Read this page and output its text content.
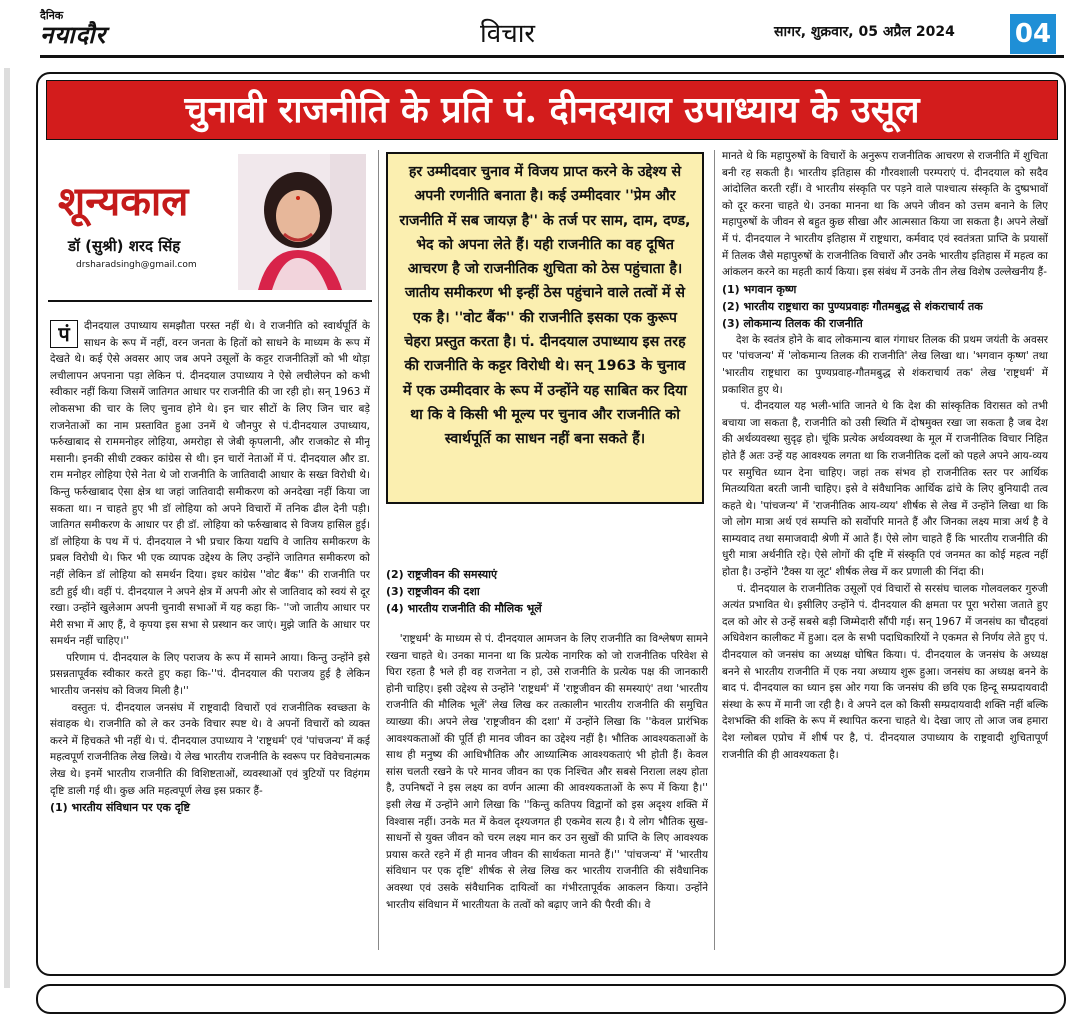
दैनिक
नयादौर	विचार	सागर, शुक्रवार, 05 अप्रैल 2024 04
चुनावी राजनीति के प्रति पं. दीनदयाल उपाध्याय के उसूल
शून्यकाल
डॉ (सुश्री) शरद सिंह
drsharadsingh@gmail.com

पं	दीनदयाल उपाध्याय समझौता परस्त नहीं थे। वे राजनीति को स्वार्थपूर्ति के साधन के रूप में नहीं, वरन जनता के हितों को साधने के माध्यम के रूप में देखते थे। कई ऐसे अवसर आए जब अपने उसूलों के कट्टर राजनीतिज्ञों को भी थोड़ा लचीलापन अपनाना पड़ा लेकिन पं. दीनदयाल उपाध्याय ने ऐसे लचीलेपन को कभी स्वीकार नहीं किया जिसमें जातिगत आधार पर राजनीति की जा रही हो। सन् 1963 में लोकसभा की चार के लिए चुनाव होने थे। इन चार सीटों के लिए जिन चार बड़े राजनेताओं का नाम प्रस्तावित हुआ उनमें थे जौनपुर से पं.दीनदयाल उपाध्याय, फर्रुखाबाद से राममनोहर लोहिया, अमरोहा से जेबी कृपलानी, और राजकोट से मीनू मसानी। इनकी सीधी टक्कर कांग्रेस से थी। इन चारों नेताओं में पं. दीनदयाल और डा. राम मनोहर लोहिया ऐसे नेता थे जो राजनीति के जातिवादी आधार के सख्त विरोधी थे। किन्तु फर्रुखाबाद ऐसा क्षेत्र था जहां जातिवादी समीकरण को अनदेखा नहीं किया जा सकता था। न चाहते हुए भी डॉ लोहिया को अपने विचारों में तनिक ढील देनी पड़ी। जातिगत समीकरण के आधार पर ही डॉ. लोहिया को फर्रुखाबाद से विजय हासिल हुई। डॉ लोहिया के पथ में पं. दीनदयाल ने भी प्रचार किया यद्यपि वे जातिय समीकरण के प्रबल विरोधी थे। फिर भी एक व्यापक उद्देश्य के लिए उन्होंने जातिगत समीकरण को नहीं लेकिन डॉ लोहिया को समर्थन दिया। इधर कांग्रेस ''वोट बैंक'' की राजनीति पर डटी हुई थी। वहीं पं. दीनदयाल ने अपने क्षेत्र में अपनी ओर से जातिवाद को स्वयं से दूर रखा। उन्होंने खुलेआम अपनी चुनावी सभाओं में यह कहा कि- ''जो जातीय आधार पर मेरी सभा में आए हैं, वे कृपया इस सभा से प्रस्थान कर जाएं। मुझे जाति के आधार पर समर्थन नहीं चाहिए।''

परिणाम पं. दीनदयाल के लिए पराजय के रूप में सामने आया। किन्तु उन्होंने इसे प्रसन्नतापूर्वक स्वीकार करते हुए कहा कि-''पं. दीनदयाल की पराजय हुई है लेकिन भारतीय जनसंघ को विजय मिली है।''

वस्तुतः पं. दीनदयाल जनसंघ में राष्ट्रवादी विचारों एवं राजनीतिक स्वच्छता के संवाहक थे। राजनीति को ले कर उनके विचार स्पष्ट थे। वे अपनों विचारों को व्यक्त करने में हिचकते भी नहीं थे। पं. दीनदयाल उपाध्याय ने 'राष्ट्रधर्म' एवं 'पांचजन्य' में कई महत्वपूर्ण राजनीतिक लेख लिखे। ये लेख भारतीय राजनीति के स्वरूप पर विवेचनात्मक लेख थे। इनमें भारतीय राजनीति की विशिष्टताओं, व्यवस्थाओं एवं त्रुटियों पर विहंगम दृष्टि डाली गई थी। कुछ अति महत्वपूर्ण लेख इस प्रकार हैं-

(1) भारतीय संविधान पर एक दृष्टि
हर उम्मीदवार चुनाव में विजय प्राप्त करने के उद्देश्य से अपनी रणनीति बनाता है। कई उम्मीदवार ''प्रेम और राजनीति में सब जायज़ है'' के तर्ज पर साम, दाम, दण्ड, भेद को अपना लेते हैं। यही राजनीति का वह दूषित आचरण है जो राजनीतिक शुचिता को ठेस पहुंचाता है। जातीय समीकरण भी इन्हीं ठेस पहुंचाने वाले तत्वों में से एक है। ''वोट बैंक'' की राजनीति इसका एक कुरूप चेहरा प्रस्तुत करता है। पं. दीनदयाल उपाध्याय इस तरह की राजनीति के कट्टर विरोधी थे। सन् 1963 के चुनाव में एक उम्मीदवार के रूप में उन्होंने यह साबित कर दिया था कि वे किसी भी मूल्य पर चुनाव और राजनीति को स्वार्थपूर्ति का साधन नहीं बना सकते हैं।
(2) राष्ट्रजीवन की समस्याएं
(3) राष्ट्रजीवन की दशा
(4) भारतीय राजनीति की मौलिक भूलें

'राष्ट्रधर्म' के माध्यम से पं. दीनदयाल आमजन के लिए राजनीति का विश्लेषण सामने रखना चाहते थे। उनका मानना था कि प्रत्येक नागरिक को जो राजनीतिक परिवेश से घिरा रहता है भले ही वह राजनेता न हो, उसे राजनीति के प्रत्येक पक्ष की जानकारी होनी चाहिए। इसी उद्देश्य से उन्होंने 'राष्ट्रधर्म' में 'राष्ट्रजीवन की समस्याएं' तथा 'भारतीय राजनीति की मौलिक भूलें' लेख लिख कर तत्कालीन भारतीय राजनीति की समुचित व्याख्या की। अपने लेख 'राष्ट्रजीवन की दशा' में उन्होंने लिखा कि ''केवल प्रारंभिक आवश्यकताओं की पूर्ति ही मानव जीवन का उद्देश्य नहीं है। भौतिक आवश्यकताओं के साथ ही मनुष्य की आधिभौतिक और आध्यात्मिक आवश्यकताएं भी होती हैं। केवल सांस चलती रखने के परे मानव जीवन का एक निश्चित और सबसे निराला लक्ष्य होता है, उपनिषदों ने इस लक्ष्य का वर्णन आत्मा की आवश्यकताओं के रूप में किया है।'' इसी लेख में उन्होंने आगे लिखा कि ''किन्तु कतिपय विद्वानों को इस अदृश्य शक्ति में विश्वास नहीं। उनके मत में केवल दृश्यजगत ही एकमेव सत्य है। ये लोग भौतिक सुख-साधनों से युक्त जीवन को चरम लक्ष्य मान कर उन सुखों की प्राप्ति के लिए आवश्यक प्रयास करते रहने में ही मानव जीवन की सार्थकता मानते हैं।'' 'पांचजन्य' में 'भारतीय संविधान पर एक दृष्टि' शीर्षक से लेख लिख कर भारतीय राजनीति की संवैधानिक अवस्था एवं उसके संवैधानिक दायित्वों का गंभीरतापूर्वक आकलन किया। उन्होंने भारतीय संविधान में भारतीयता के तत्वों को बढ़ाए जाने की पैरवी की। वे

मानते थे कि महापुरुषों के विचारों के अनुरूप राजनीतिक आचरण से राजनीति में शुचिता बनी रह सकती है। भारतीय इतिहास की गौरवशाली परम्पराएं पं. दीनदयाल को सदैव आंदोलित करती रहीं। वे भारतीय संस्कृति पर पड़ने वाले पाश्चात्य संस्कृति के दुष्प्रभावों को दूर करना चाहते थे। उनका मानना था कि अपने जीवन को उत्तम बनाने के लिए महापुरुषों के जीवन से बहुत कुछ सीखा और आत्मसात किया जा सकता है। अपने लेखों में पं. दीनदयाल ने भारतीय इतिहास में राष्ट्रधारा, कर्मवाद एवं स्वतंत्रता प्राप्ति के प्रयासों में तिलक जैसे महापुरुषों के राजनीतिक विचारों और उनके भारतीय इतिहास में महत्व का आंकलन करने का महती कार्य किया। इस संबंध में उनके तीन लेख विशेष उल्लेखनीय हैं-

(1) भगवान कृष्ण
(2) भारतीय राष्ट्रधारा का पुण्यप्रवाहः गौतमबुद्ध से शंकराचार्य तक
(3) लोकमान्य तिलक की राजनीति

देश के स्वतंत्र होने के बाद लोकमान्य बाल गंगाधर तिलक की प्रथम जयंती के अवसर पर 'पांचजन्य' में 'लोकमान्य तिलक की राजनीति' लेख लिखा था। 'भगवान कृष्ण' तथा 'भारतीय राष्ट्रधारा का पुण्यप्रवाह-गौतमबुद्ध से शंकराचार्य तक' लेख 'राष्ट्रधर्म' में प्रकाशित हुए थे।

पं. दीनदयाल यह भली-भांति जानते थे कि देश की सांस्कृतिक विरासत को तभी बचाया जा सकता है, राजनीति को उसी स्थिति में दोषमुक्त रखा जा सकता है जब देश की अर्थव्यवस्था सुदृढ़ हो। चूंकि प्रत्येक अर्थव्यवस्था के मूल में राजनीतिक विचार निहित होते हैं अतः उन्हें यह आवश्यक लगता था कि राजनीतिक दलों को पहले अपने आय-व्यय पर समुचित ध्यान देना चाहिए। जहां तक संभव हो राजनीतिक स्तर पर आर्थिक मितव्ययिता बरती जानी चाहिए। इसे वे संवैधानिक आर्थिक ढांचे के लिए बुनियादी तत्व कहते थे। 'पांचजन्य' में 'राजनीतिक आय-व्यय' शीर्षक से लेख में उन्होंने लिखा था कि जो लोग मात्रा अर्थ एवं सम्पत्ति को सर्वोपरि मानते हैं और जिनका लक्ष्य मात्रा अर्थ है वे साम्यवाद तथा समाजवादी श्रेणी में आते हैं। ऐसे लोग चाहते हैं कि भारतीय राजनीति की धुरी मात्रा अर्थनीति रहे। ऐसे लोगों की दृष्टि में संस्कृति एवं जनमत का कोई महत्व नहीं होता है। उन्होंने 'टैक्स या लूट' शीर्षक लेख में कर प्रणाली की निंदा की।

पं. दीनदयाल के राजनीतिक उसूलों एवं विचारों से सरसंघ चालक गोलवलकर गुरुजी अत्यंत प्रभावित थे। इसीलिए उन्होंने पं. दीनदयाल की क्षमता पर पूरा भरोसा जताते हुए दल को ओर से उन्हें सबसे बड़ी जिम्मेदारी सौंपी गई। सन् 1967 में जनसंघ का चौदहवां अधिवेशन कालीकट में हुआ। दल के सभी पदाधिकारियों ने एकमत से निर्णय लेते हुए पं. दीनदयाल को जनसंघ का अध्यक्ष घोषित किया। पं. दीनदयाल के जनसंघ के अध्यक्ष बनने से भारतीय राजनीति में एक नया अध्याय शुरू हुआ। जनसंघ का अध्यक्ष बनने के बाद पं. दीनदयाल का ध्यान इस ओर गया कि जनसंघ की छवि एक हिन्दू सम्प्रदायवादी संस्था के रूप में मानी जा रही है। वे अपने दल को किसी सम्प्रदायवादी शक्ति नहीं बल्कि देशभक्ति की शक्ति के रूप में स्थापित करना चाहते थे। देखा जाए तो आज जब हमारा देश ग्लोबल एप्रोच में शीर्ष पर है, पं. दीनदयाल उपाध्याय के राष्ट्रवादी शुचितापूर्ण राजनीति की ही आवश्यकता है।
